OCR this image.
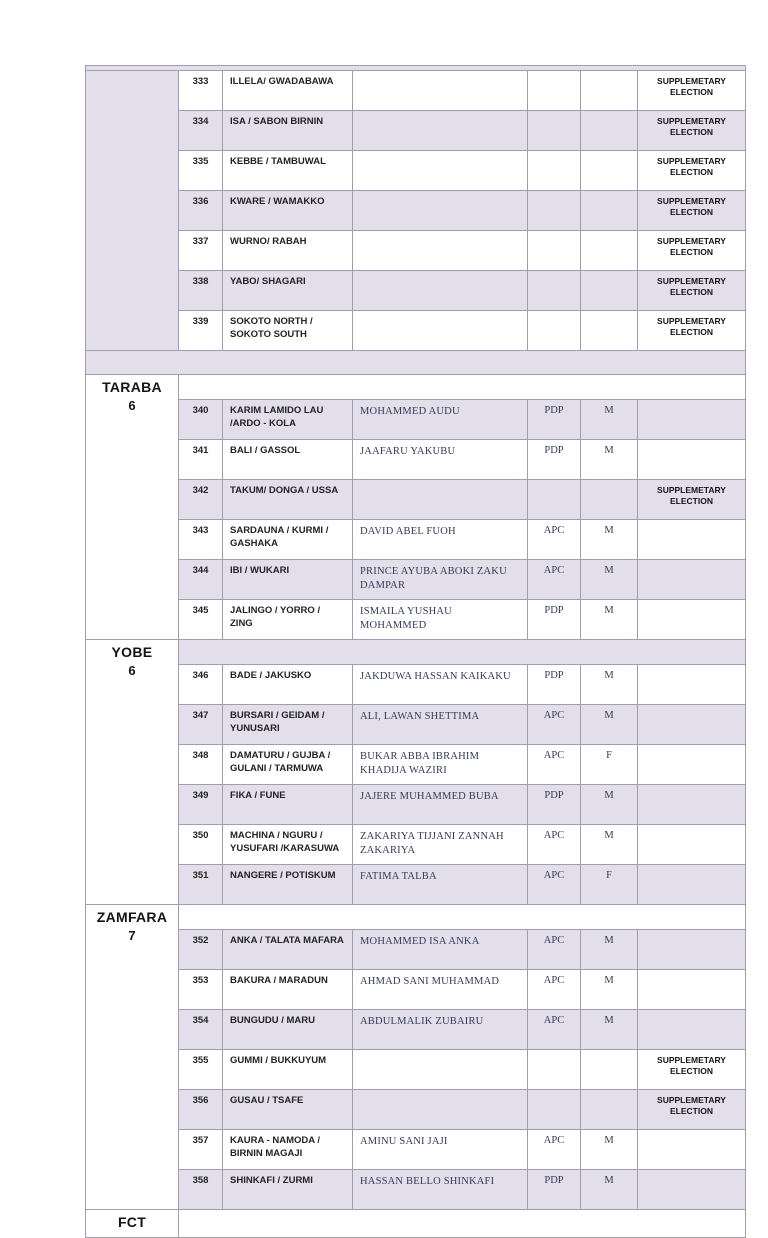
	333	ILLELA/ GWADABAWA				SUPPLEMETARY ELECTION
	334	ISA / SABON BIRNIN				SUPPLEMETARY ELECTION
	335	KEBBE / TAMBUWAL				SUPPLEMETARY ELECTION
	336	KWARE / WAMAKKO				SUPPLEMETARY ELECTION
	337	WURNO/ RABAH				SUPPLEMETARY ELECTION
	338	YABO/ SHAGARI				SUPPLEMETARY ELECTION
	339	SOKOTO NORTH / SOKOTO SOUTH				SUPPLEMETARY ELECTION

TARABA
6						

	340	KARIM LAMIDO LAU /ARDO - KOLA	MOHAMMED AUDU	PDP	M	
	341	BALI / GASSOL	JAAFARU YAKUBU	PDP	M	
	342	TAKUM/ DONGA / USSA				SUPPLEMETARY ELECTION
	343	SARDAUNA / KURMI / GASHAKA	DAVID ABEL FUOH	APC	M	
	344	IBI / WUKARI	PRINCE AYUBA ABOKI ZAKU DAMPAR	APC	M	
	345	JALINGO / YORRO / ZING	ISMAILA YUSHAU MOHAMMED	PDP	M	

YOBE
6						

	346	BADE / JAKUSKO	JAKDUWA HASSAN KAIKAKU	PDP	M	
	347	BURSARI / GEIDAM / YUNUSARI	ALI, LAWAN SHETTIMA	APC	M	
	348	DAMATURU / GUJBA / GULANI / TARMUWA	BUKAR ABBA IBRAHIM KHADIJA WAZIRI	APC	F	
	349	FIKA / FUNE	JAJERE MUHAMMED BUBA	PDP	M	
	350	MACHINA / NGURU / YUSUFARI /KARASUWA	ZAKARIYA TIJJANI ZANNAH ZAKARIYA	APC	M	
	351	NANGERE / POTISKUM	FATIMA TALBA	APC	F	

ZAMFARA
7						

	352	ANKA / TALATA MAFARA	MOHAMMED ISA ANKA	APC	M	
	353	BAKURA / MARADUN	AHMAD SANI MUHAMMAD	APC	M	
	354	BUNGUDU / MARU	ABDULMALIK ZUBAIRU	APC	M	
	355	GUMMI / BUKKUYUM				SUPPLEMETARY ELECTION
	356	GUSAU / TSAFE				SUPPLEMETARY ELECTION
	357	KAURA - NAMODA / BIRNIN MAGAJI	AMINU SANI JAJI	APC	M	
	358	SHINKAFI / ZURMI	HASSAN BELLO SHINKAFI	PDP	M	

FCT						
